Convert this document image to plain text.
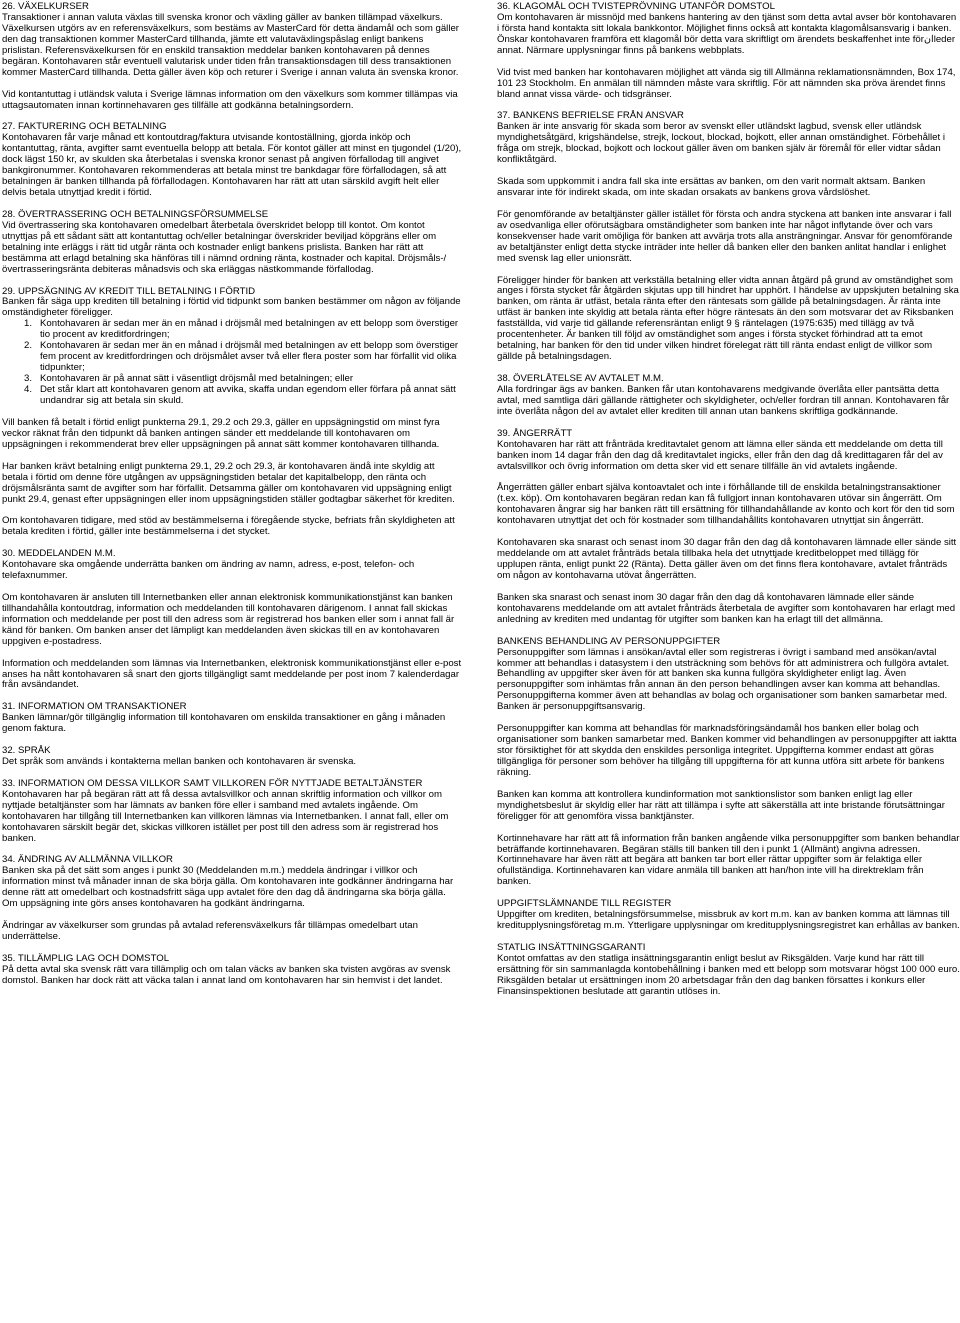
26. VÄXELKURSER

Transaktioner i annan valuta växlas till svenska kronor och växling gäller av banken tillämpad växelkurs. Växelkursen utgörs av en referensväxelkurs, som bestäms av MasterCard för detta ändamål och som gäller den dag transaktionen kommer MasterCard tillhanda, jämte ett valutaväxlingspåslag enligt bankens prislistan. Referensväxelkursen för en enskild transaktion meddelar banken kontohavaren på dennes begäran. Kontohavaren står eventuell valutarisk under tiden från transaktionsdagen till dess transaktionen kommer MasterCard tillhanda. Detta gäller även köp och returer i Sverige i annan valuta än svenska kronor.

Vid kontantuttag i utländsk valuta i Sverige lämnas information om den växelkurs som kommer tillämpas via uttagsautomaten innan kortinnehavaren ges tillfälle att godkänna betalningsordern.

27. FAKTURERING OCH BETALNING

Kontohavaren får varje månad ett kontoutdrag/faktura utvisande kontoställning, gjorda inköp och kontantuttag, ränta, avgifter samt eventuella belopp att betala. För kontot gäller att minst en tjugondel (1/20), dock lägst 150 kr, av skulden ska återbetalas i svenska kronor senast på angiven förfallodag till angivet bankgironummer. Kontohavaren rekommenderas att betala minst tre bankdagar före förfallodagen, så att betalningen är banken tillhanda på förfallodagen. Kontohavaren har rätt att utan särskild avgift helt eller delvis betala utnyttjad kredit i förtid.

28. ÖVERTRASSERING OCH BETALNINGSFÖRSUMMELSE

Vid övertrassering ska kontohavaren omedelbart återbetala överskridet belopp till kontot. Om kontot utnyttjas på ett sådant sätt att kontantuttag och/eller betalningar överskrider beviljad köpgräns eller om betalning inte erläggs i rätt tid utgår ränta och kostnader enligt bankens prislista. Banken har rätt att bestämma att erlagd betalning ska hänföras till i nämnd ordning ränta, kostnader och kapital. Dröjsmåls-/övertrasseringsränta debiteras månadsvis och ska erläggas nästkommande förfallodag.

29. UPPSÄGNING AV KREDIT TILL BETALNING I FÖRTID
Banken får säga upp krediten till betalning i förtid vid tidpunkt som banken bestämmer om någon av följande omständigheter föreligger.
1. Kontohavaren är sedan mer än en månad i dröjsmål med betalningen av ett belopp som överstiger tio procent av kreditfordringen;
2. Kontohavaren är sedan mer än en månad i dröjsmål med betalningen av ett belopp som överstiger fem procent av kreditfordringen och dröjsmålet avser två eller flera poster som har förfallit vid olika tidpunkter;
3. Kontohavaren är på annat sätt i väsentligt dröjsmål med betalningen; eller
4. Det står klart att kontohavaren genom att avvika, skaffa undan egendom eller förfara på annat sätt undandrar sig att betala sin skuld.

Vill banken få betalt i förtid enligt punkterna 29.1, 29.2 och 29.3, gäller en uppsägningstid om minst fyra veckor räknat från den tidpunkt då banken antingen sänder ett meddelande till kontohavaren om uppsägningen i rekommenderat brev eller uppsägningen på annat sätt kommer kontohavaren tillhanda.

Har banken krävt betalning enligt punkterna 29.1, 29.2 och 29.3, är kontohavaren ändå inte skyldig att betala i förtid om denne före utgången av uppsägningstiden betalar det kapitalbelopp, den ränta och dröjsmålsränta samt de avgifter som har förfallit. Detsamma gäller om kontohavaren vid uppsägning enligt punkt 29.4, genast efter uppsägningen eller inom uppsägningstiden ställer godtagbar säkerhet för krediten.

Om kontohavaren tidigare, med stöd av bestämmelserna i föregående stycke, befriats från skyldigheten att betala krediten i förtid, gäller inte bestämmelserna i det stycket.

30. MEDDELANDEN M.M.

Kontohavare ska omgående underrätta banken om ändring av namn, adress, e-post, telefon- och telefaxnummer.

Om kontohavaren är ansluten till Internetbanken eller annan elektronisk kommunikationstjänst kan banken tillhandahålla kontoutdrag, information och meddelanden till kontohavaren därigenom. I annat fall skickas information och meddelande per post till den adress som är registrerad hos banken eller som i annat fall är känd för banken. Om banken anser det lämpligt kan meddelanden även skickas till en av kontohavaren uppgiven e-postadress.

Information och meddelanden som lämnas via Internetbanken, elektronisk kommunikationstjänst eller e-post anses ha nått kontohavaren så snart den gjorts tillgängligt samt meddelande per post inom 7 kalenderdagar från avsändandet.

31. INFORMATION OM TRANSAKTIONER

Banken lämnar/gör tillgänglig information till kontohavaren om enskilda transaktioner en gång i månaden genom faktura.

32. SPRÅK

Det språk som används i kontakterna mellan banken och kontohavaren är svenska.

33. INFORMATION OM DESSA VILLKOR SAMT VILLKOREN FÖR NYTTJADE BETALTJÄNSTER

Kontohavaren har på begäran rätt att få dessa avtalsvillkor och annan skriftlig information och villkor om nyttjade betaltjänster som har lämnats av banken före eller i samband med avtalets ingående. Om kontohavaren har tillgång till Internetbanken kan villkoren lämnas via Internetbanken. I annat fall, eller om kontohavaren särskilt begär det, skickas villkoren istället per post till den adress som är registrerad hos banken.

34. ÄNDRING AV ALLMÄNNA VILLKOR

Banken ska på det sätt som anges i punkt 30 (Meddelanden m.m.) meddela ändringar i villkor och information minst två månader innan de ska börja gälla. Om kontohavaren inte godkänner ändringarna har denne rätt att omedelbart och kostnadsfritt säga upp avtalet före den dag då ändringarna ska börja gälla. Om uppsägning inte görs anses kontohavaren ha godkänt ändringarna.

Ändringar av växelkurser som grundas på avtalad referensväxelkurs får tillämpas omedelbart utan underrättelse.

35. TILLÄMPLIG LAG OCH DOMSTOL

På detta avtal ska svensk rätt vara tillämplig och om talan väcks av banken ska tvisten avgöras av svensk domstol. Banken har dock rätt att väcka talan i annat land om kontohavaren har sin hemvist i det landet.

36. KLAGOMÅL OCH TVISTEPRÖVNING UTANFÖR DOMSTOL

Om kontohavaren är missnöjd med bankens hantering av den tjänst som detta avtal avser bör kontohavaren i första hand kontakta sitt lokala bankkontor. Möjlighet finns också att kontakta klagomålsansvarig i banken. Önskar kontohavaren framföra ett klagomål bör detta vara skriftligt om ärendets beskaffenhet inte förانleder annat. Närmare upplysningar finns på bankens webbplats.

Vid tvist med banken har kontohavaren möjlighet att vända sig till Allmänna reklamationsnämnden, Box 174, 101 23 Stockholm. En anmälan till nämnden måste vara skriftlig. För att nämnden ska pröva ärendet finns bland annat vissa värde- och tidsgränser.

37. BANKENS BEFRIELSE FRÅN ANSVAR

Banken är inte ansvarig för skada som beror av svenskt eller utländskt lagbud, svensk eller utländsk myndighetsåtgärd, krigshändelse, strejk, lockout, blockad, bojkott, eller annan omständighet. Förbehållet i fråga om strejk, blockad, bojkott och lockout gäller även om banken själv är föremål för eller vidtar sådan konfliktåtgärd.

Skada som uppkommit i andra fall ska inte ersättas av banken, om den varit normalt aktsam. Banken ansvarar inte för indirekt skada, om inte skadan orsakats av bankens grova vårdslöshet.

För genomförande av betaltjänster gäller istället för första och andra styckena att banken inte ansvarar i fall av osedvanliga eller oförutsägbara omständigheter som banken inte har något inflytande över och vars konsekvenser hade varit omöjliga för banken att avvärja trots alla ansträngningar. Ansvar för genomförande av betaltjänster enligt detta stycke inträder inte heller då banken eller den banken anlitat handlar i enlighet med svensk lag eller unionsrätt.

Föreligger hinder för banken att verkställa betalning eller vidta annan åtgärd på grund av omständighet som anges i första stycket får åtgärden skjutas upp till hindret har upphört. I händelse av uppskjuten betalning ska banken, om ränta är utfäst, betala ränta efter den räntesats som gällde på betalningsdagen. Är ränta inte utfäst är banken inte skyldig att betala ränta efter högre räntesats än den som motsvarar det av Riksbanken fastställda, vid varje tid gällande referensräntan enligt 9 § räntelagen (1975:635) med tillägg av två procentenheter. Är banken till följd av omständighet som anges i första stycket förhindrad att ta emot betalning, har banken för den tid under vilken hindret förelegat rätt till ränta endast enligt de villkor som gällde på betalningsdagen.

38. ÖVERLÅTELSE AV AVTALET M.M.

Alla fordringar ägs av banken. Banken får utan kontohavarens medgivande överlåta eller pantsätta detta avtal, med samtliga däri gällande rättigheter och skyldigheter, och/eller fordran till annan. Kontohavaren får inte överlåta någon del av avtalet eller krediten till annan utan bankens skriftliga godkännande.

39. ÅNGERRÄTT

Kontohavaren har rätt att frånträda kreditavtalet genom att lämna eller sända ett meddelande om detta till banken inom 14 dagar från den dag då kreditavtalet ingicks, eller från den dag då kredittagaren får del av avtalsvillkor och övrig information om detta sker vid ett senare tillfälle än vid avtalets ingående.

Ångerrätten gäller enbart själva kontoavtalet och inte i förhållande till de enskilda betalningstransaktioner (t.ex. köp). Om kontohavaren begäran redan kan få fullgjort innan kontohavaren utövar sin ångerrätt. Om kontohavaren ångrar sig har banken rätt till ersättning för tillhandahållande av konto och kort för den tid som kontohavaren utnyttjat det och för kostnader som tillhandahållits kontohavaren utnyttjat sin ångerrätt.

Kontohavaren ska snarast och senast inom 30 dagar från den dag då kontohavaren lämnade eller sände sitt meddelande om att avtalet frånträds betala tillbaka hela det utnyttjade kreditbeloppet med tillägg för upplupen ränta, enligt punkt 22 (Ränta). Detta gäller även om det finns flera kontohavare, avtalet frånträds om någon av kontohavarna utövat ångerrätten.

Banken ska snarast och senast inom 30 dagar från den dag då kontohavaren lämnade eller sände kontohavarens meddelande om att avtalet frånträds återbetala de avgifter som kontohavaren har erlagt med anledning av krediten med undantag för utgifter som banken kan ha erlagt till det allmänna.

BANKENS BEHANDLING AV PERSONUPPGIFTER

Personuppgifter som lämnas i ansökan/avtal eller som registreras i övrigt i samband med ansökan/avtal kommer att behandlas i datasystem i den utsträckning som behövs för att administrera och fullgöra avtalet. Behandling av uppgifter sker även för att banken ska kunna fullgöra skyldigheter enligt lag. Även personuppgifter som inhämtas från annan än den person behandlingen avser kan komma att behandlas. Personuppgifterna kommer även att behandlas av bolag och organisationer som banken samarbetar med. Banken är personuppgiftsansvarig.

Personuppgifter kan komma att behandlas för marknadsföringsändamål hos banken eller bolag och organisationer som banken samarbetar med. Banken kommer vid behandlingen av personuppgifter att iaktta stor försiktighet för att skydda den enskildes personliga integritet. Uppgifterna kommer endast att göras tillgängliga för personer som behöver ha tillgång till uppgifterna för att kunna utföra sitt arbete för bankens räkning.

Banken kan komma att kontrollera kundinformation mot sanktionslistor som banken enligt lag eller myndighetsbeslut är skyldig eller har rätt att tillämpa i syfte att säkerställa att inte bristande förutsättningar föreligger för att genomföra vissa banktjänster.

Kortinnehavare har rätt att få information från banken angående vilka personuppgifter som banken behandlar beträffande kortinnehavaren. Begäran ställs till banken till den i punkt 1 (Allmänt) angivna adressen. Kortinnehavare har även rätt att begära att banken tar bort eller rättar uppgifter som är felaktiga eller ofullständiga. Kortinnehavaren kan vidare anmäla till banken att han/hon inte vill ha direktreklam från banken.

UPPGIFTSLÄMNANDE TILL REGISTER

Uppgifter om krediten, betalningsförsummelse, missbruk av kort m.m. kan av banken komma att lämnas till kreditupplysningsföretag m.m. Ytterligare upplysningar om kreditupplysningsregistret kan erhållas av banken.

STATLIG INSÄTTNINGSGARANTI

Kontot omfattas av den statliga insättningsgarantin enligt beslut av Riksgälden. Varje kund har rätt till ersättning för sin sammanlagda kontobehållning i banken med ett belopp som motsvarar högst 100 000 euro. Riksgälden betalar ut ersättningen inom 20 arbetsdagar från den dag banken försattes i konkurs eller Finansinspektionen beslutade att garantin utlöses in.
